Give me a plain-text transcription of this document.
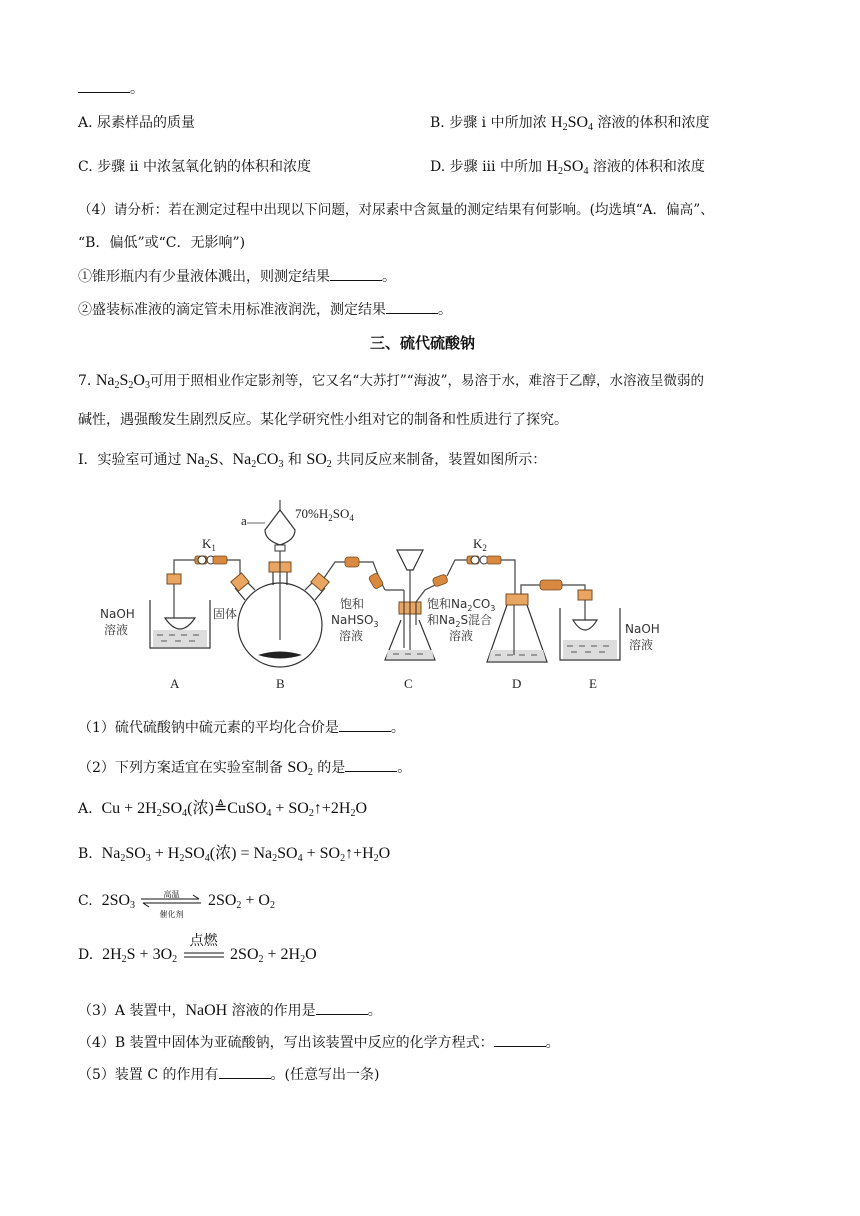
。
A. 尿素样品的质量	B. 步骤 i 中所加浓 $H_2SO_4$ 溶液的体积和浓度
C. 步骤 ii 中浓氢氧化钠的体积和浓度	D. 步骤 iii 中所加 $H_2SO_4$ 溶液的体积和浓度
（4）请分析：若在测定过程中出现以下问题，对尿素中含氮量的测定结果有何影响。(均选填“A．偏高”、
“B．偏低”或“C．无影响”)
①锥形瓶内有少量液体溅出，则测定结果	。
②盛装标准液的滴定管未用标准液润洗，测定结果	。
三、硫代硫酸钠
7. $Na_2S_2O_3$可用于照相业作定影剂等，它又名“大苏打”“海波”，易溶于水，难溶于乙醇，水溶液呈微弱的
碱性，遇强酸发生剧烈反应。某化学研究性小组对它的制备和性质进行了探究。
Ⅰ．实验室可通过 $Na_2S$、$Na_2CO_3$ 和 $SO_2$ 共同反应来制备，装置如图所示：
a	$70\%H_2SO_4$
$K_1$	$K_2$
NaOH
溶液
固体
饱和
NaHSO$_3$
溶液
饱和$Na_2CO_3$
和$Na_2S$混合
溶液	NaOH
溶液
A	B	C	D	E
（1）硫代硫酸钠中硫元素的平均化合价是	。
（2）下列方案适宜在实验室制备 $SO_2$ 的是	。
A. $Cu + 2H_2SO_4$(浓)≜CuSO$_4$ + $SO_2↑+2H_2O$
B. $Na_2SO_3 + H_2SO_4$(浓) = $Na_2SO_4$ + $SO_2↑+H_2O$
C. $2SO_3$
高温
催化剂
$2SO_2 + O_2$
D. $2H_2S + 3O_2$
点燃
$2SO_2 + 2H_2O$
（3）A 装置中，NaOH 溶液的作用是	。
（4）B 装置中固体为亚硫酸钠，写出该装置中反应的化学方程式：	。
（5）装置 C 的作用有	。(任意写出一条)
